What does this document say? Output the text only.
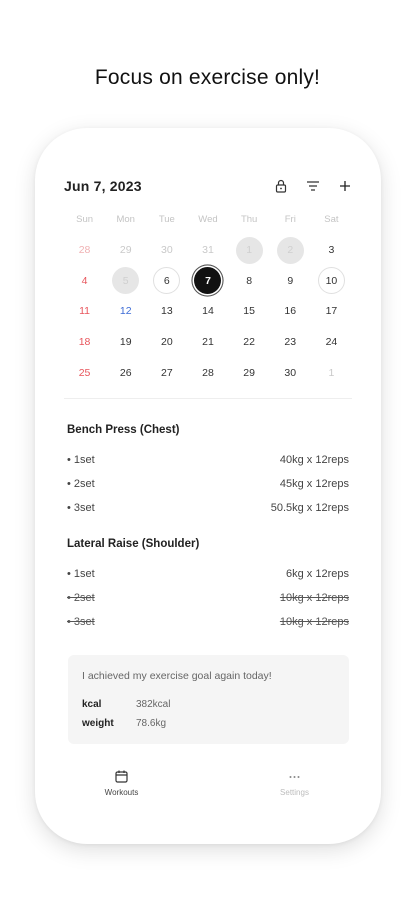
Focus on exercise only!
Jun 7, 2023
Sun	Mon	Tue	Wed	Thu	Fri	Sat
28	29	30	31	1	2	3
4	5	6	7	8	9	10
11	12	13	14	15	16	17
18	19	20	21	22	23	24
25	26	27	28	29	30	1
Bench Press (Chest)
• 1set	40kg x 12reps
• 2set	45kg x 12reps
• 3set	50.5kg x 12reps
Lateral Raise (Shoulder)
• 1set	6kg x 12reps
• 2set	10kg x 12reps
• 3set	10kg x 12reps
I achieved my exercise goal again today!
kcal	382kcal
weight	78.6kg
Workouts	Settings
